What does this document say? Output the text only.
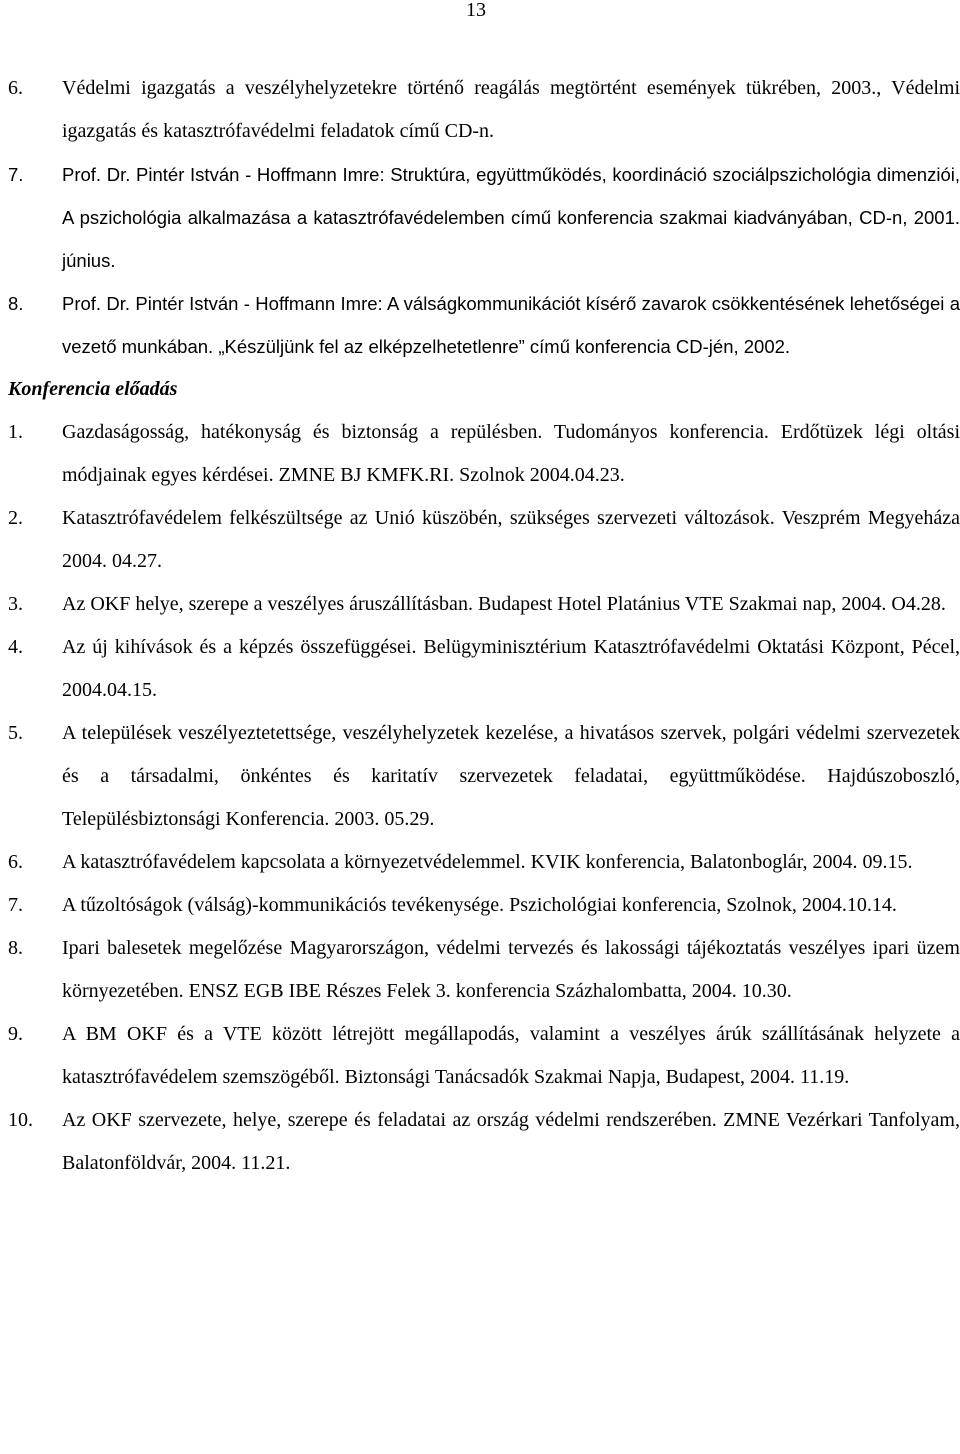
13
6. Védelmi igazgatás a veszélyhelyzetekre történő reagálás megtörtént események tükrében, 2003., Védelmi igazgatás és katasztrófavédelmi feladatok című CD-n.
7. Prof. Dr. Pintér István - Hoffmann Imre: Struktúra, együttműködés, koordináció szociálpszichológia dimenziói, A pszichológia alkalmazása a katasztrófavédelemben című konferencia szakmai kiadványában, CD-n, 2001. június.
8. Prof. Dr. Pintér István - Hoffmann Imre: A válságkommunikációt kísérő zavarok csökkentésének lehetőségei a vezető munkában. „Készüljünk fel az elképzelhetetlenre” című konferencia CD-jén, 2002.
Konferencia előadás
1. Gazdaságosság, hatékonyság és biztonság a repülésben. Tudományos konferencia. Erdőtüzek légi oltási módjainak egyes kérdései. ZMNE BJ KMFK.RI. Szolnok 2004.04.23.
2. Katasztrófavédelem felkészültsége az Unió küszöbén, szükséges szervezeti változások. Veszprém Megyeháza 2004. 04.27.
3. Az OKF helye, szerepe a veszélyes áruszállításban. Budapest Hotel Platánius VTE Szakmai nap, 2004. O4.28.
4. Az új kihívások és a képzés összefüggései. Belügyminisztérium Katasztrófavédelmi Oktatási Központ, Pécel, 2004.04.15.
5. A települések veszélyeztetettsége, veszélyhelyzetek kezelése, a hivatásos szervek, polgári védelmi szervezetek és a társadalmi, önkéntes és karitatív szervezetek feladatai, együttműködése. Hajdúszoboszló, Településbiztonsági Konferencia. 2003. 05.29.
6. A katasztrófavédelem kapcsolata a környezetvédelemmel. KVIK konferencia, Balatonboglár, 2004. 09.15.
7. A tűzoltóságok (válság)-kommunikációs tevékenysége. Pszichológiai konferencia, Szolnok, 2004.10.14.
8. Ipari balesetek megelőzése Magyarországon, védelmi tervezés és lakossági tájékoztatás veszélyes ipari üzem környezetében. ENSZ EGB IBE Részes Felek 3. konferencia Százhalombatta, 2004. 10.30.
9. A BM OKF és a VTE között létrejött megállapodás, valamint a veszélyes árúk szállításának helyzete a katasztrófavédelem szemszögéből. Biztonsági Tanácsadók Szakmai Napja, Budapest, 2004. 11.19.
10. Az OKF szervezete, helye, szerepe és feladatai az ország védelmi rendszerében. ZMNE Vezérkari Tanfolyam, Balatonföldvár, 2004. 11.21.
